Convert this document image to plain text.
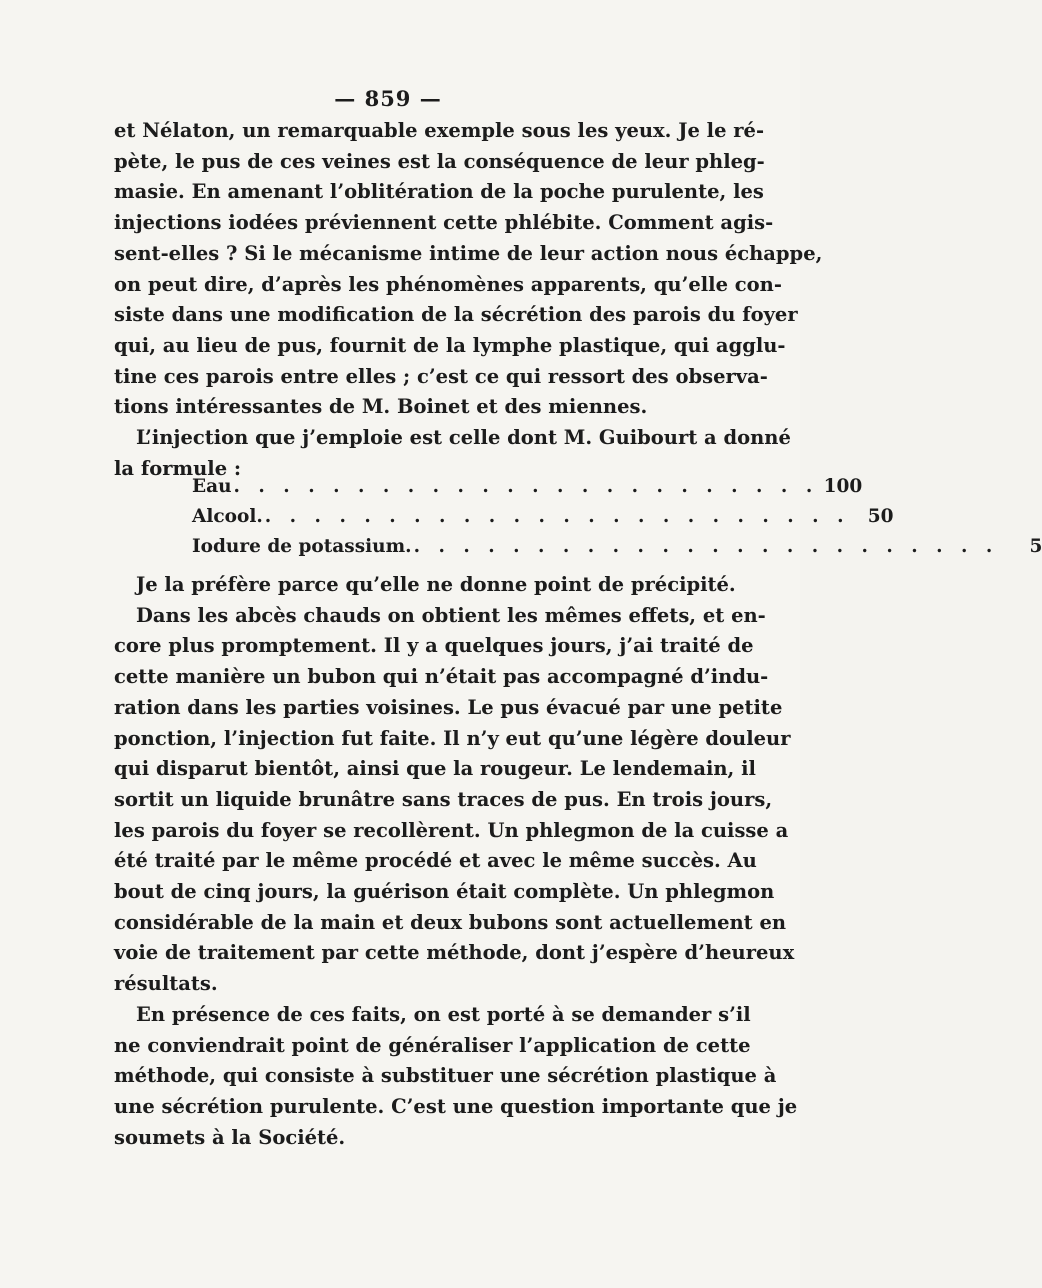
— 859 —
et Nélaton, un remarquable exemple sous les yeux. Je le ré-
pète, le pus de ces veines est la conséquence de leur phleg-
masie. En amenant l’oblitération de la poche purulente, les
injections iodées préviennent cette phlébite. Comment agis-
sent-elles ? Si le mécanisme intime de leur action nous échappe,
on peut dire, d’après les phénomènes apparents, qu’elle con-
siste dans une modification de la sécrétion des parois du foyer
qui, au lieu de pus, fournit de la lymphe plastique, qui agglu-
tine ces parois entre elles ; c’est ce qui ressort des observa-
tions intéressantes de M. Boinet et des miennes.
L’injection que j’emploie est celle dont M. Guibourt a donné
la formule :
Eau . . . . . . . . . . . . . . . . . . . . . . . . 100
Alcool. . . . . . . . . . . . . . . . . . . . . . . . . 50
Iodure de potassium. . . . . . . . . . . . . . . . . . . . . . . . .	5
Je la préfère parce qu’elle ne donne point de précipité.
Dans les abcès chauds on obtient les mêmes effets, et en-
core plus promptement. Il y a quelques jours, j’ai traité de
cette manière un bubon qui n’était pas accompagné d’indu-
ration dans les parties voisines. Le pus évacué par une petite
ponction, l’injection fut faite. Il n’y eut qu’une légère douleur
qui disparut bientôt, ainsi que la rougeur. Le lendemain, il
sortit un liquide brunâtre sans traces de pus. En trois jours,
les parois du foyer se recollèrent. Un phlegmon de la cuisse a
été traité par le même procédé et avec le même succès. Au
bout de cinq jours, la guérison était complète. Un phlegmon
considérable de la main et deux bubons sont actuellement en
voie de traitement par cette méthode, dont j’espère d’heureux
résultats.
En présence de ces faits, on est porté à se demander s’il
ne conviendrait point de généraliser l’application de cette
méthode, qui consiste à substituer une sécrétion plastique à
une sécrétion purulente. C’est une question importante que je
soumets à la Société.
